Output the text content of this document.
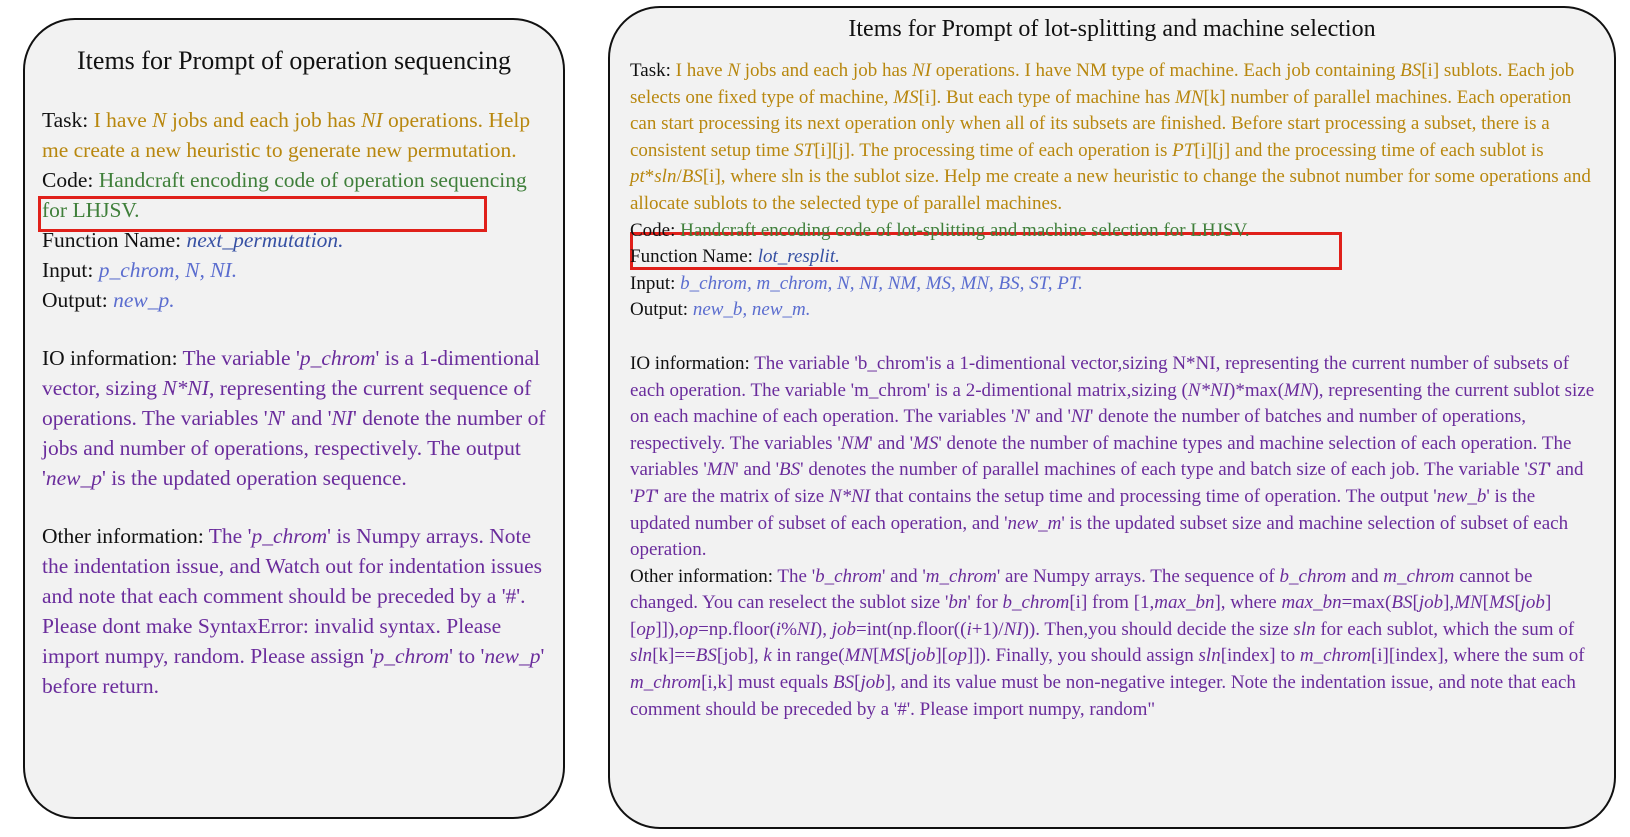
Items for Prompt of operation sequencing

Task: I have N jobs and each job has NI operations. Help me create a new heuristic to generate new permutation.

Code: Handcraft encoding code of operation sequencing for LHJSV.

Function Name: next_permutation.

Input: p_chrom, N, NI.

Output: new_p.

IO information: The variable 'p_chrom' is a 1-dimentional vector, sizing N*NI, representing the current sequence of operations. The variables 'N' and 'NI' denote the number of jobs and number of operations, respectively. The output 'new_p' is the updated operation sequence.

Other information: The 'p_chrom' is Numpy arrays. Note the indentation issue, and Watch out for indentation issues and note that each comment should be preceded by a '#'. Please dont make SyntaxError: invalid syntax. Please import numpy, random. Please assign 'p_chrom' to 'new_p' before return.

Items for Prompt of lot-splitting and machine selection

Task: I have N jobs and each job has NI operations. I have NM type of machine. Each job containing BS[i] sublots. Each job selects one fixed type of machine, MS[i]. But each type of machine has MN[k] number of parallel machines. Each operation can start processing its next operation only when all of its subsets are finished. Before start processing a subset, there is a consistent setup time ST[i][j]. The processing time of each operation is PT[i][j] and the processing time of each sublot is pt*sln/BS[i], where sln is the sublot size. Help me create a new heuristic to change the subnot number for some operations and allocate sublots to the selected type of parallel machines.

Code: Handcraft encoding code of lot-splitting and machine selection for LHJSV.

Function Name: lot_resplit.

Input: b_chrom, m_chrom, N, NI, NM, MS, MN, BS, ST, PT.

Output: new_b, new_m.

IO information: The variable 'b_chrom'is a 1-dimentional vector,sizing N*NI, representing the current number of subsets of each operation. The variable 'm_chrom' is a 2-dimentional matrix,sizing (N*NI)*max(MN), representing the current sublot size on each machine of each operation. The variables 'N' and 'NI' denote the number of batches and number of operations, respectively. The variables 'NM' and 'MS' denote the number of machine types and machine selection of each operation. The variables 'MN' and 'BS' denotes the number of parallel machines of each type and batch size of each job. The variable 'ST' and 'PT' are the matrix of size N*NI that contains the setup time and processing time of operation. The output 'new_b' is the updated number of subset of each operation, and 'new_m' is the updated subset size and machine selection of subset of each operation.

Other information: The 'b_chrom' and 'm_chrom' are Numpy arrays. The sequence of b_chrom and m_chrom cannot be changed. You can reselect the sublot size 'bn' for b_chrom[i] from [1,max_bn], where max_bn=max(BS[job],MN[MS[job][op]]),op=np.floor(i%NI), job=int(np.floor((i+1)/NI)). Then,you should decide the size sln for each sublot, which the sum of sln[k]==BS[job], k in range(MN[MS[job][op]]). Finally, you should assign sln[index] to m_chrom[i][index], where the sum of m_chrom[i,k] must equals BS[job], and its value must be non-negative integer. Note the indentation issue, and note that each comment should be preceded by a '#'. Please import numpy, random"
